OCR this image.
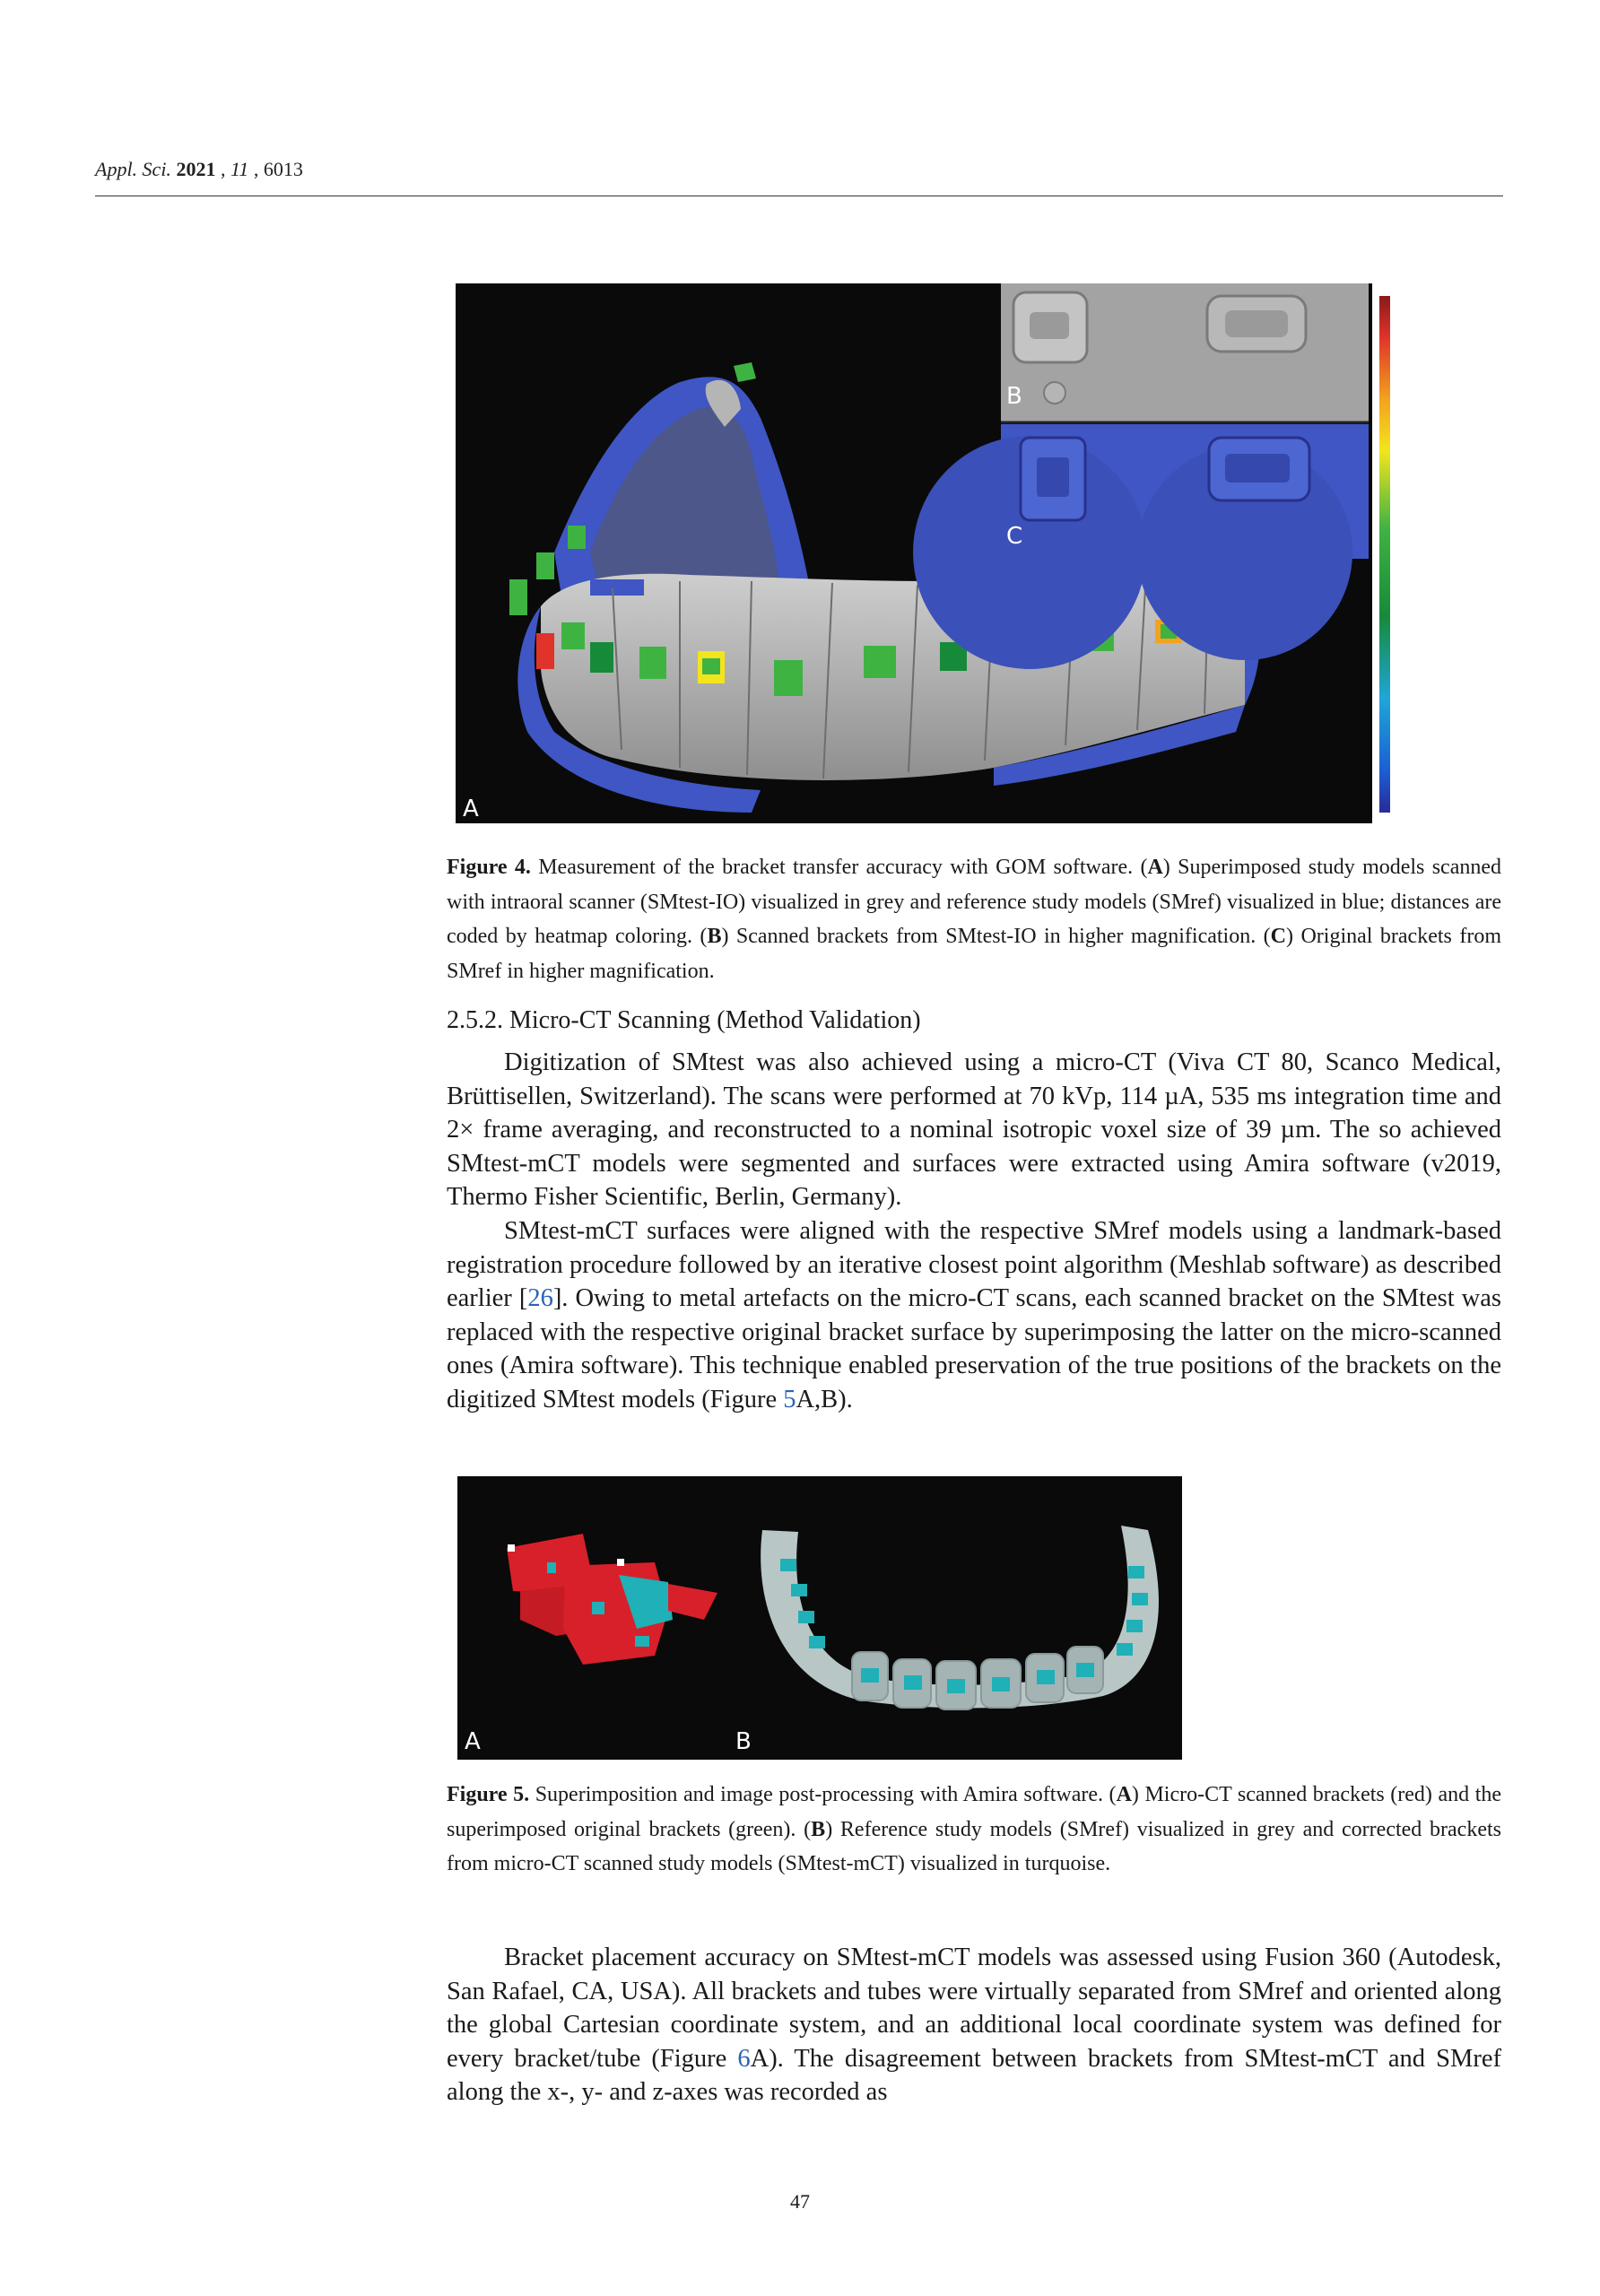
Appl. Sci. 2021 , 11 , 6013
A
B
C
Figure 4. Measurement of the bracket transfer accuracy with GOM software. (A) Superimposed study models scanned with intraoral scanner (SMtest-IO) visualized in grey and reference study models (SMref) visualized in blue; distances are coded by heatmap coloring. (B) Scanned brackets from SMtest-IO in higher magnification. (C) Original brackets from SMref in higher magnification.
2.5.2. Micro-CT Scanning (Method Validation)

Digitization of SMtest was also achieved using a micro-CT (Viva CT 80, Scanco Medical, Brüttisellen, Switzerland). The scans were performed at 70 kVp, 114 µA, 535 ms integration time and 2× frame averaging, and reconstructed to a nominal isotropic voxel size of 39 µm. The so achieved SMtest-mCT models were segmented and surfaces were extracted using Amira software (v2019, Thermo Fisher Scientific, Berlin, Germany).

SMtest-mCT surfaces were aligned with the respective SMref models using a landmark-based registration procedure followed by an iterative closest point algorithm (Meshlab software) as described earlier [26]. Owing to metal artefacts on the micro-CT scans, each scanned bracket on the SMtest was replaced with the respective original bracket surface by superimposing the latter on the micro-scanned ones (Amira software). This technique enabled preservation of the true positions of the brackets on the digitized SMtest models (Figure 5A,B).

A	B
Figure 5. Superimposition and image post-processing with Amira software. (A) Micro-CT scanned brackets (red) and the superimposed original brackets (green). (B) Reference study models (SMref) visualized in grey and corrected brackets from micro-CT scanned study models (SMtest-mCT) visualized in turquoise.

Bracket placement accuracy on SMtest-mCT models was assessed using Fusion 360 (Autodesk, San Rafael, CA, USA). All brackets and tubes were virtually separated from SMref and oriented along the global Cartesian coordinate system, and an additional local coordinate system was defined for every bracket/tube (Figure 6A). The disagreement between brackets from SMtest-mCT and SMref along the x-, y- and z-axes was recorded as

47
